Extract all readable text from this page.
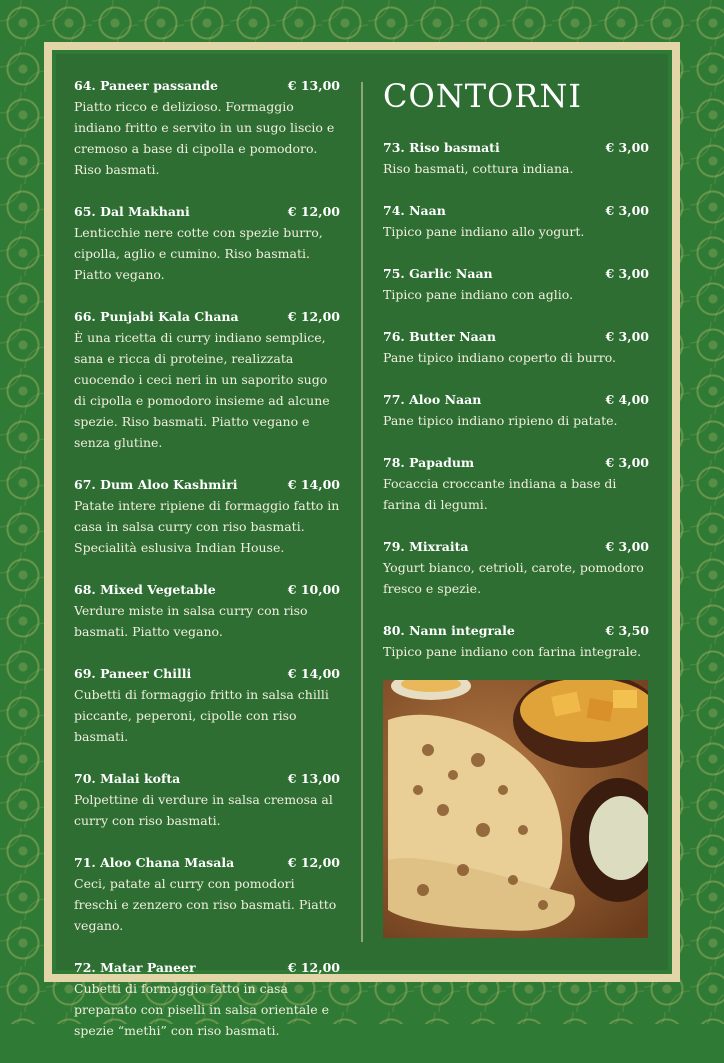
64. Paneer passande	€ 13,00
Piatto ricco e delizioso. Formaggio indiano fritto e servito in un sugo liscio e cremoso a base di cipolla e pomodoro. Riso basmati.
65. Dal Makhani	€ 12,00
Lenticchie nere cotte con spezie burro, cipolla, aglio e cumino. Riso basmati. Piatto vegano.
66. Punjabi Kala Chana	€ 12,00
È una ricetta di curry indiano semplice, sana e ricca di proteine, realizzata cuocendo i ceci neri in un saporito sugo di cipolla e pomodoro insieme ad alcune spezie. Riso basmati. Piatto vegano e senza glutine.
67. Dum Aloo Kashmiri	€ 14,00
Patate intere ripiene di formaggio fatto in casa in salsa curry con riso basmati. Specialità eslusiva Indian House.
68. Mixed Vegetable	€ 10,00
Verdure miste in salsa curry con riso basmati. Piatto vegano.
69. Paneer Chilli	€ 14,00
Cubetti di formaggio fritto in salsa chilli piccante, peperoni, cipolle con riso basmati.
70. Malai kofta	€ 13,00
Polpettine di verdure in salsa cremosa al curry con riso basmati.
71. Aloo Chana Masala	€ 12,00
Ceci, patate al curry con pomodori freschi e zenzero con riso basmati. Piatto vegano.
72. Matar Paneer	€ 12,00
Cubetti di formaggio fatto in casa preparato con piselli in salsa orientale e spezie “methi” con riso basmati.
CONTORNI
73. Riso basmati	€ 3,00
Riso basmati, cottura indiana.
74. Naan	€ 3,00
Tipico pane indiano allo yogurt.
75. Garlic Naan	€ 3,00
Tipico pane indiano con aglio.
76. Butter Naan	€ 3,00
Pane tipico indiano coperto di burro.
77. Aloo Naan	€ 4,00
Pane tipico indiano ripieno di patate.
78. Papadum	€ 3,00
Focaccia croccante indiana a base di farina di legumi.
79. Mixraita	€ 3,00
Yogurt bianco, cetrioli, carote, pomodoro fresco e spezie.
80. Nann integrale	€ 3,50
Tipico pane indiano con farina integrale.
